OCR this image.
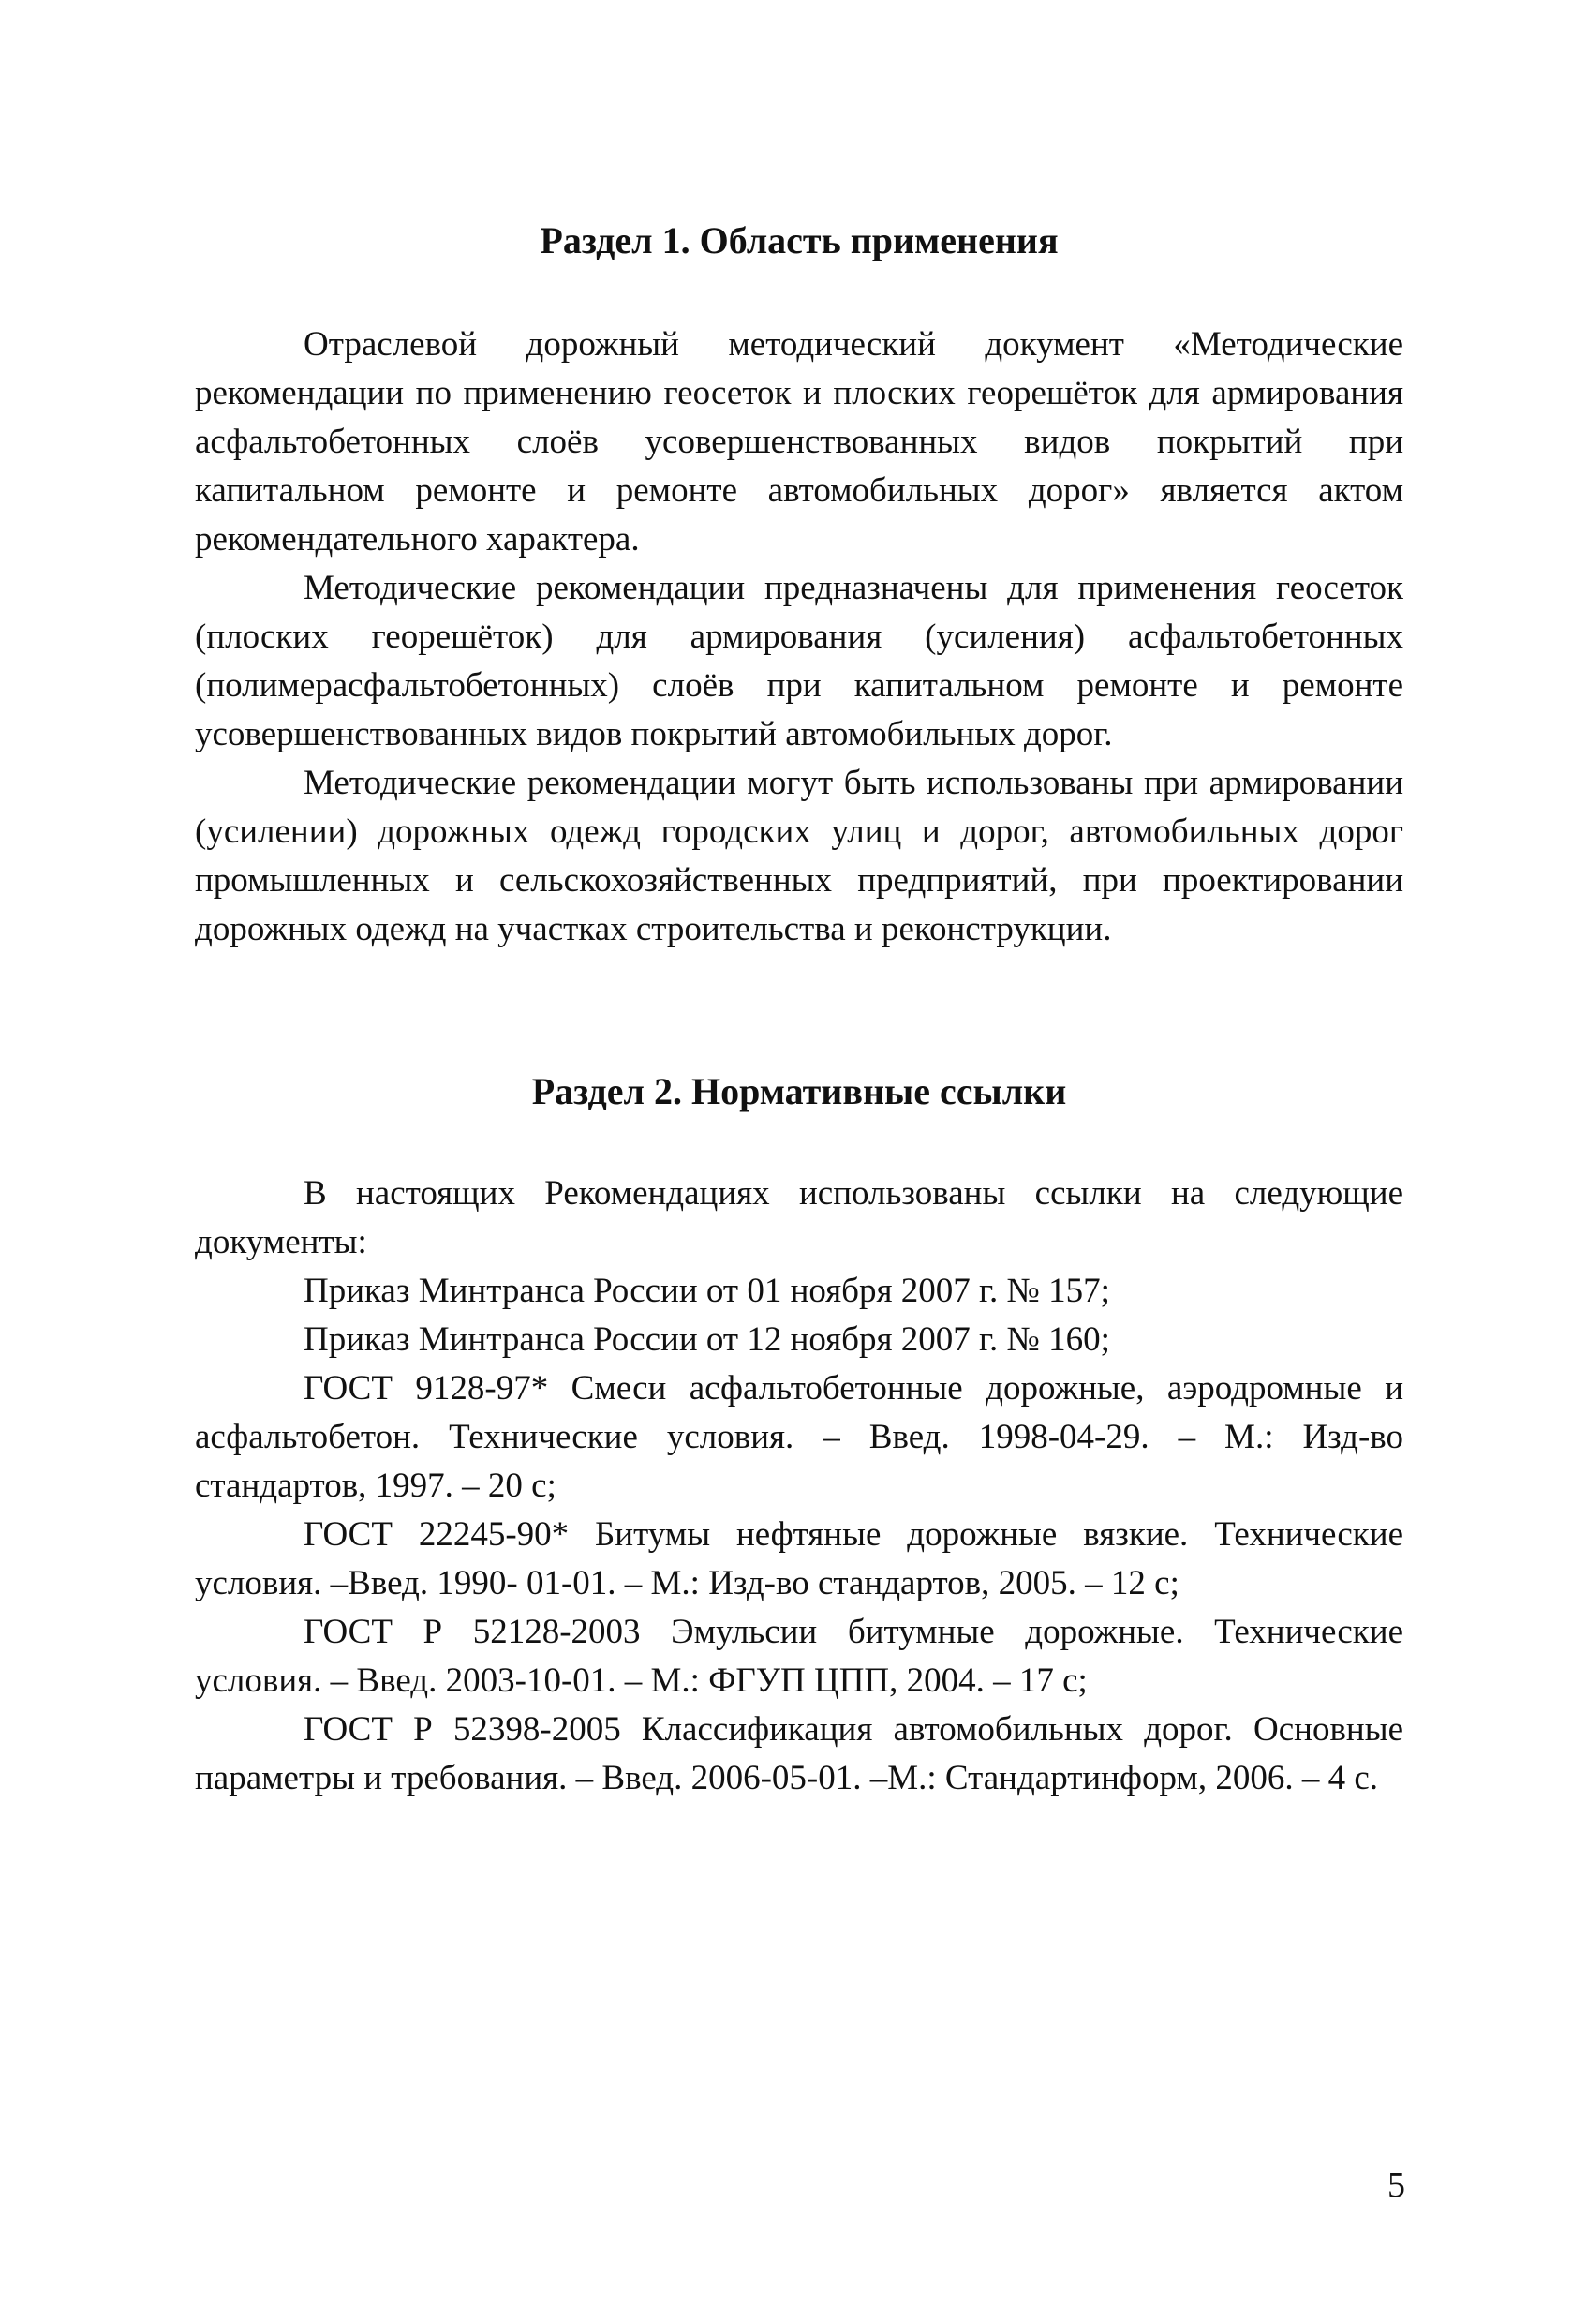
Раздел 1. Область применения

Отраслевой дорожный методический документ «Методические рекомендации по применению геосеток и плоских георешёток для армирования асфальтобетонных слоёв усовершенствованных видов покрытий при капитальном ремонте и ремонте автомобильных дорог» является актом рекомендательного характера.

Методические рекомендации предназначены для применения геосеток (плоских георешёток) для армирования (усиления) асфальтобетонных (полимерасфальтобетонных) слоёв при капитальном ремонте и ремонте усовершенствованных видов покрытий автомобильных дорог.

Методические рекомендации могут быть использованы при армировании (усилении) дорожных одежд городских улиц и дорог, автомобильных дорог промышленных и сельскохозяйственных предприятий, при проектировании дорожных одежд на участках строительства и реконструкции.

Раздел 2. Нормативные ссылки

В настоящих Рекомендациях использованы ссылки на следующие документы:

Приказ Минтранса России от 01 ноября 2007 г. № 157;

Приказ Минтранса России от 12 ноября 2007 г. № 160;

ГОСТ 9128-97* Смеси асфальтобетонные дорожные, аэродромные и асфальтобетон. Технические условия. – Введ. 1998-04-29. – М.: Изд-во стандартов, 1997. – 20 с;

ГОСТ 22245-90* Битумы нефтяные дорожные вязкие. Технические условия. –Введ. 1990- 01-01. – М.: Изд-во стандартов, 2005. – 12 с;

ГОСТ Р 52128-2003 Эмульсии битумные дорожные. Технические условия. – Введ. 2003-10-01. – М.: ФГУП ЦПП, 2004. – 17 с;

ГОСТ Р 52398-2005 Классификация автомобильных дорог. Основные параметры и требования. – Введ. 2006-05-01. –М.: Стандартинформ, 2006. – 4 с.

5
